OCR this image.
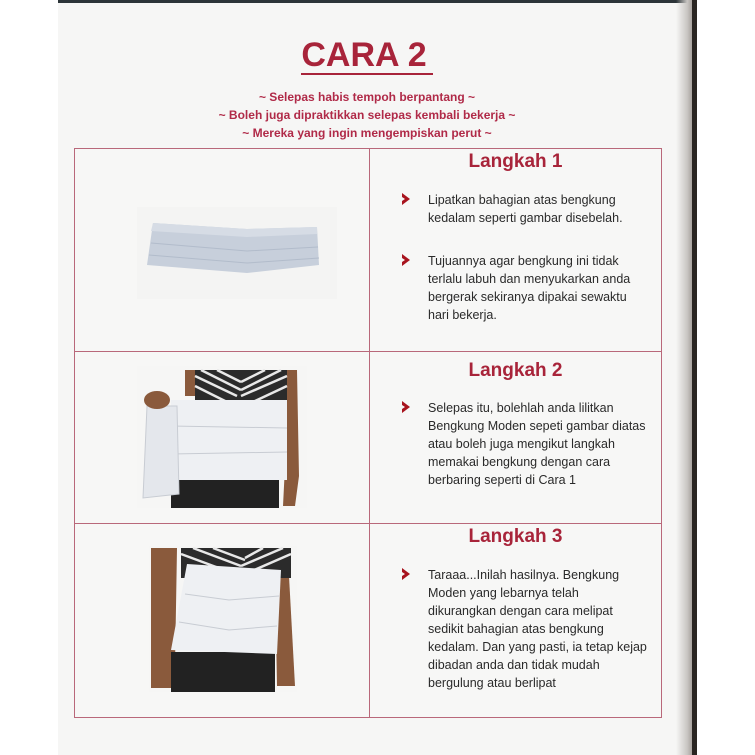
CARA 2
~ Selepas habis tempoh berpantang ~
~ Boleh juga dipraktikkan selepas kembali bekerja ~
~ Mereka yang ingin mengempiskan perut ~
Langkah 1
Lipatkan bahagian atas bengkung kedalam seperti gambar disebelah.
Tujuannya agar bengkung ini tidak terlalu labuh dan menyukarkan anda bergerak sekiranya dipakai sewaktu hari bekerja.
Langkah 2
Selepas itu, bolehlah anda lilitkan Bengkung Moden sepeti gambar diatas atau boleh juga mengikut langkah memakai bengkung dengan cara berbaring seperti di Cara 1
Langkah 3
Taraaa...Inilah hasilnya. Bengkung Moden yang lebarnya telah dikurangkan dengan cara melipat sedikit bahagian atas bengkung kedalam. Dan yang pasti, ia tetap kejap dibadan anda dan tidak mudah bergulung atau berlipat
